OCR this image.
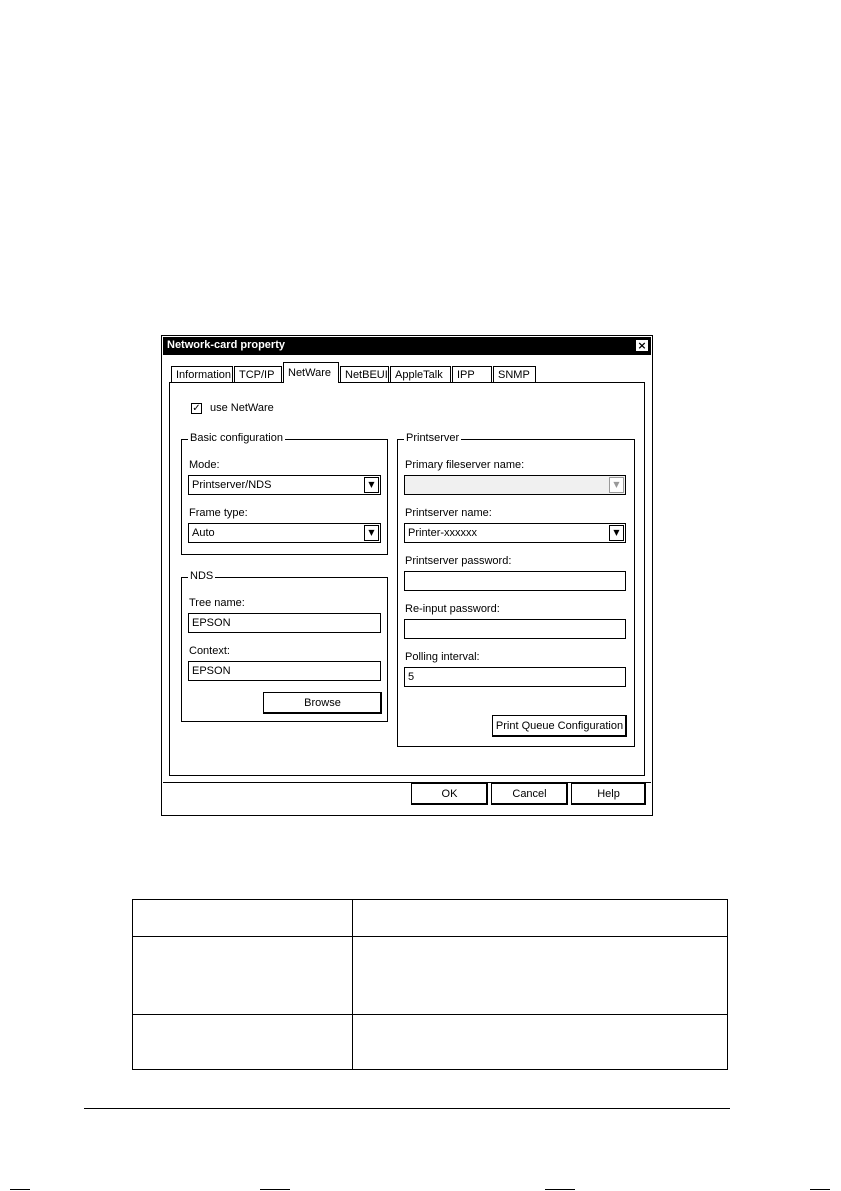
Network-card property	×
Information TCP/IP	NetWare	NetBEUI AppleTalk	IPP	SNMP
✓ use NetWare
Basic configuration
Mode:
Printserver/NDS	▼
Frame type:
Auto	▼
NDS
Tree name:
EPSON
Context:
EPSON
Browse
Printserver
Primary fileserver name:
▼
Printserver name:
Printer-xxxxxx	▼
Printserver password:
Re-input password:
Polling interval:
5
Print Queue Configuration
OK	Cancel	Help
